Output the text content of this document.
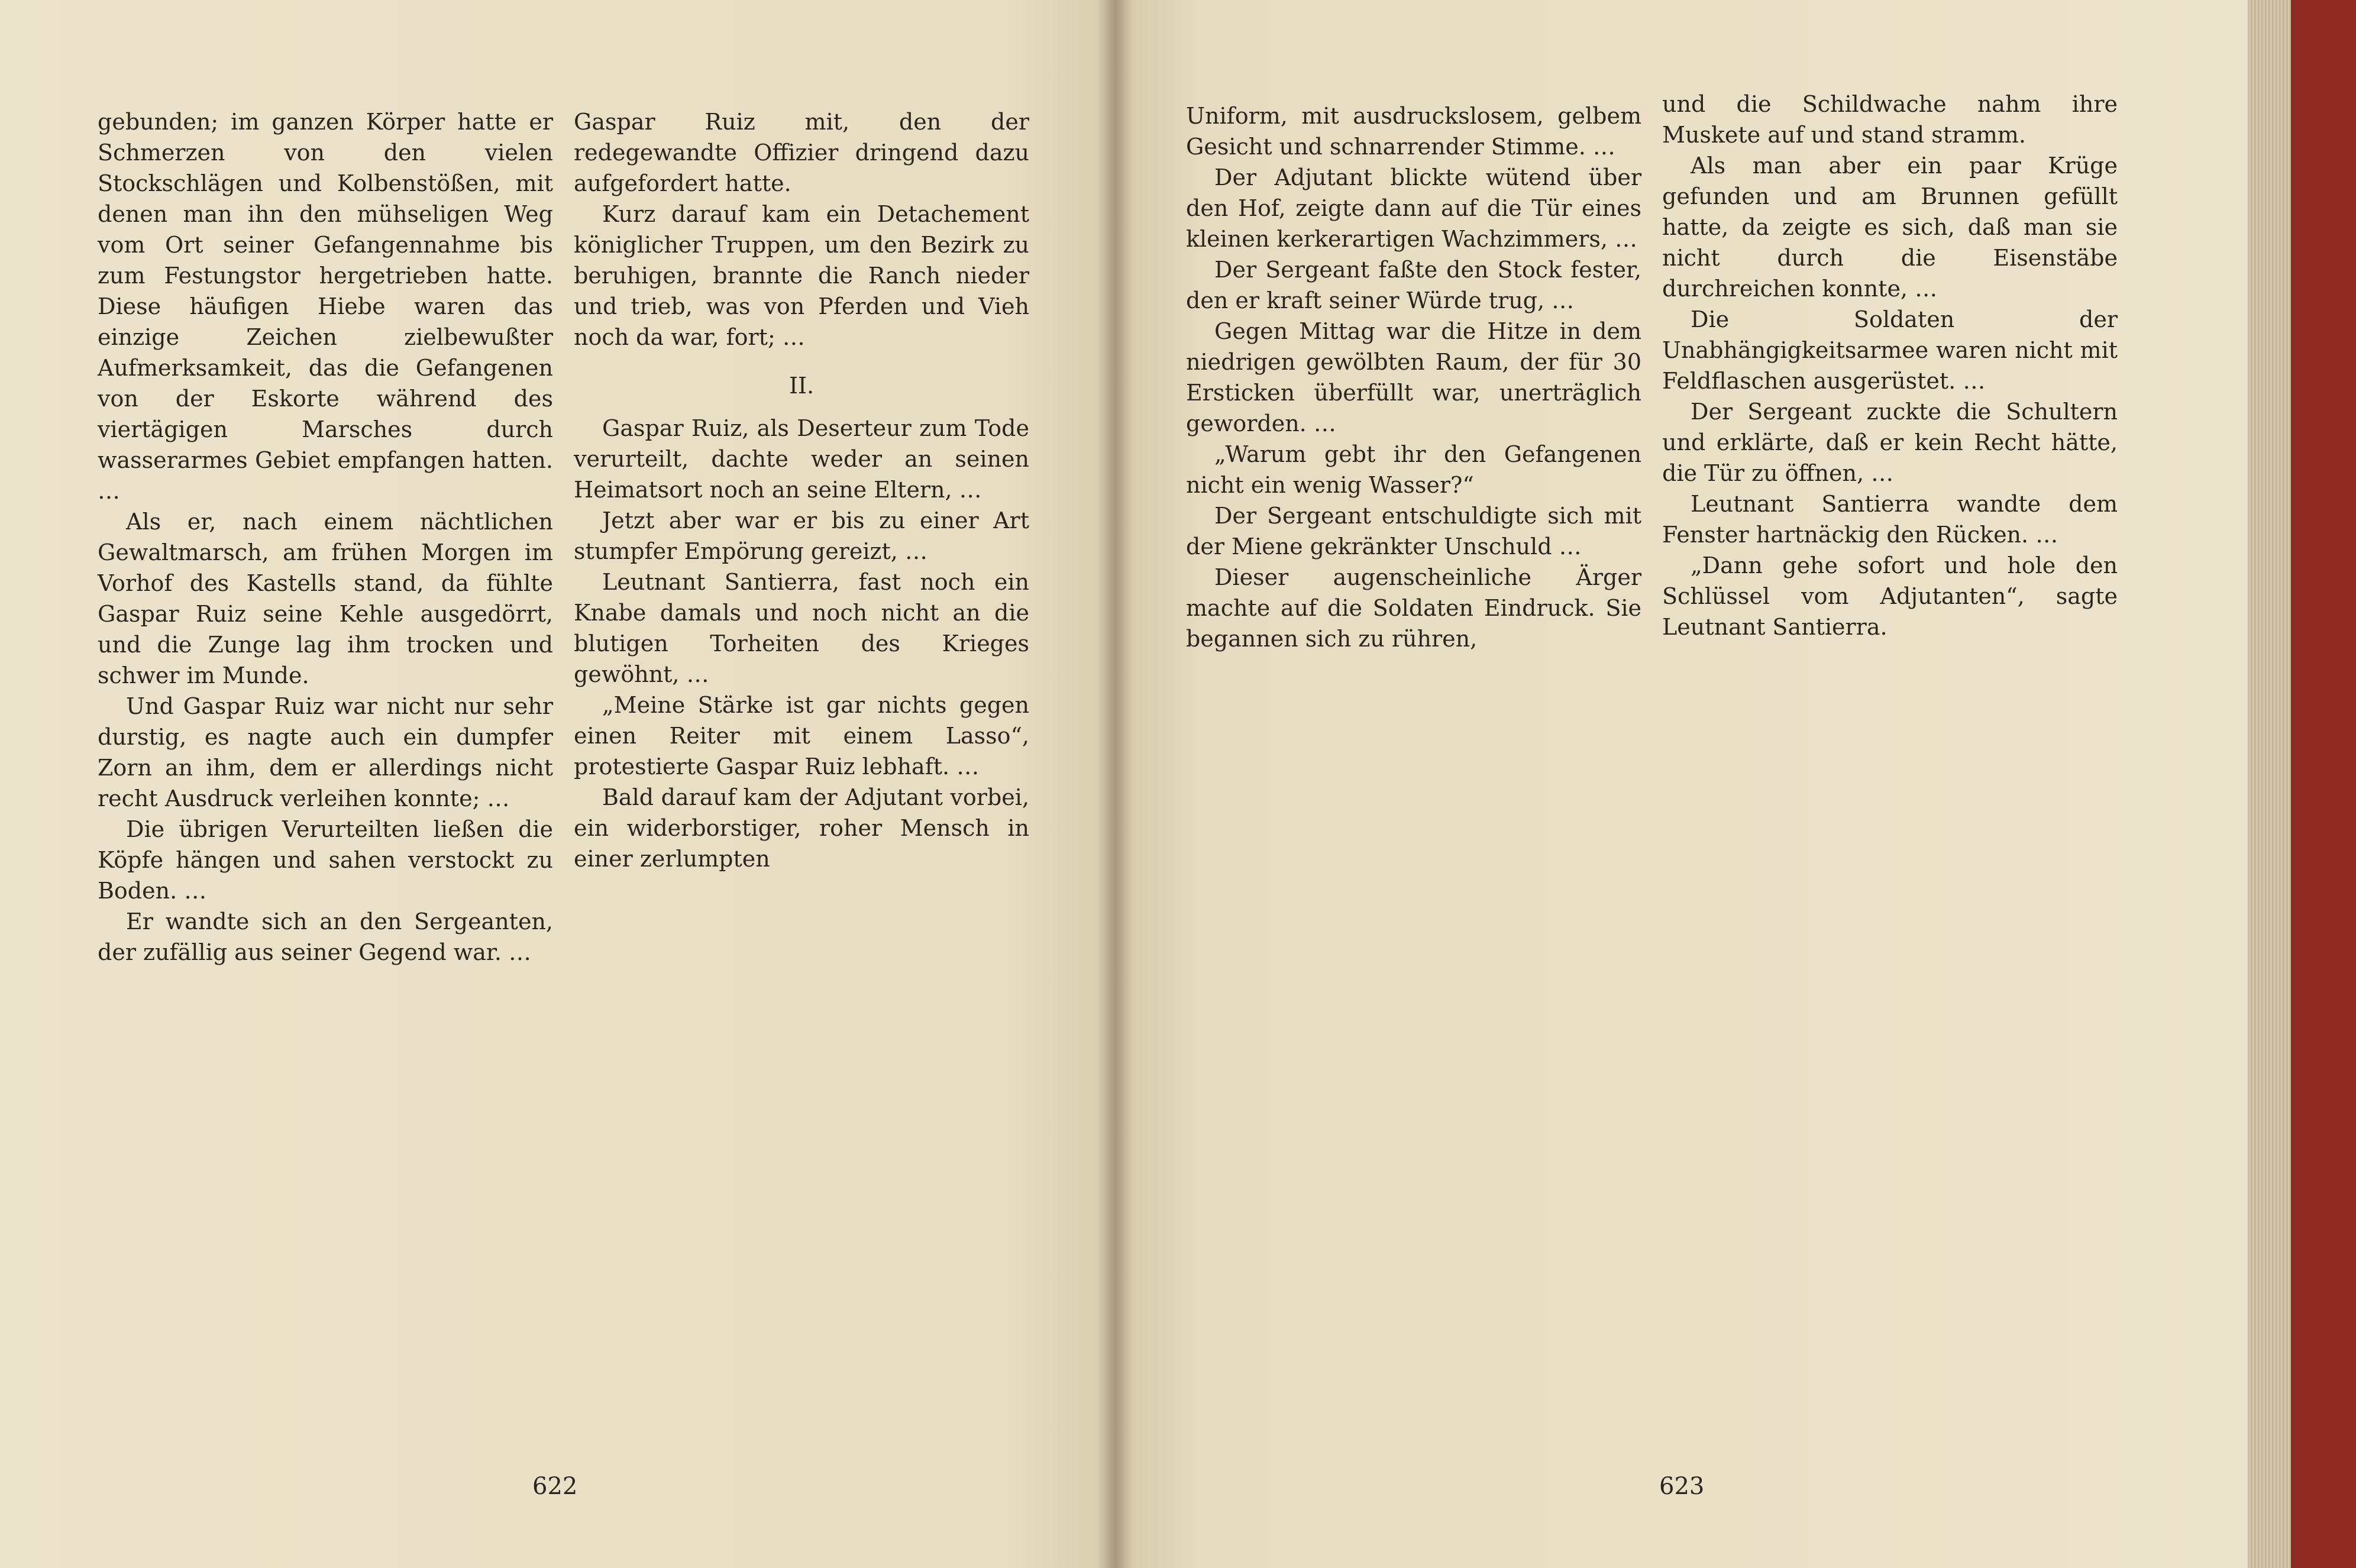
gebunden; im ganzen Körper hatte er Schmerzen von den vielen Stockschlägen und Kolbenstößen, mit denen man ihn den mühseligen Weg vom Ort seiner Gefangennahme bis zum Festungstor hergetrieben hatte. Diese häufigen Hiebe waren das einzige Zeichen zielbewußter Aufmerksamkeit, das die Gefangenen von der Eskorte während des viertägigen Marsches durch wasserarmes Gebiet empfangen hatten. …

Als er, nach einem nächtlichen Gewaltmarsch, am frühen Morgen im Vorhof des Kastells stand, da fühlte Gaspar Ruiz seine Kehle ausgedörrt, und die Zunge lag ihm trocken und schwer im Munde.

Und Gaspar Ruiz war nicht nur sehr durstig, es nagte auch ein dumpfer Zorn an ihm, dem er allerdings nicht recht Ausdruck verleihen konnte; …

Die übrigen Verurteilten ließen die Köpfe hängen und sahen verstockt zu Boden. …

Er wandte sich an den Sergeanten, der zufällig aus seiner Gegend war. …

Gaspar Ruiz mit, den der redegewandte Offizier dringend dazu aufgefordert hatte.

Kurz darauf kam ein Detachement königlicher Truppen, um den Bezirk zu beruhigen, brannte die Ranch nieder und trieb, was von Pferden und Vieh noch da war, fort; …

II.

Gaspar Ruiz, als Deserteur zum Tode verurteilt, dachte weder an seinen Heimatsort noch an seine Eltern, …

Jetzt aber war er bis zu einer Art stumpfer Empörung gereizt, …

Leutnant Santierra, fast noch ein Knabe damals und noch nicht an die blutigen Torheiten des Krieges gewöhnt, …

„Meine Stärke ist gar nichts gegen einen Reiter mit einem Lasso“, protestierte Gaspar Ruiz lebhaft. …

Bald darauf kam der Adjutant vorbei, ein widerborstiger, roher Mensch in einer zerlumpten

622

Uniform, mit ausdruckslosem, gelbem Gesicht und schnarrender Stimme. …

Der Adjutant blickte wütend über den Hof, zeigte dann auf die Tür eines kleinen kerkerartigen Wachzimmers, …

Der Sergeant faßte den Stock fester, den er kraft seiner Würde trug, …

Gegen Mittag war die Hitze in dem niedrigen gewölbten Raum, der für 30 Ersticken überfüllt war, unerträglich geworden. …

„Warum gebt ihr den Gefangenen nicht ein wenig Wasser?“

Der Sergeant entschuldigte sich mit der Miene gekränkter Unschuld …

Dieser augenscheinliche Ärger machte auf die Soldaten Eindruck. Sie begannen sich zu rühren,

und die Schildwache nahm ihre Muskete auf und stand stramm.

Als man aber ein paar Krüge gefunden und am Brunnen gefüllt hatte, da zeigte es sich, daß man sie nicht durch die Eisenstäbe durchreichen konnte, …

Die Soldaten der Unabhängigkeitsarmee waren nicht mit Feldflaschen ausgerüstet. …

Der Sergeant zuckte die Schultern und erklärte, daß er kein Recht hätte, die Tür zu öffnen, …

Leutnant Santierra wandte dem Fenster hartnäckig den Rücken. …

„Dann gehe sofort und hole den Schlüssel vom Adjutanten“, sagte Leutnant Santierra.

623
